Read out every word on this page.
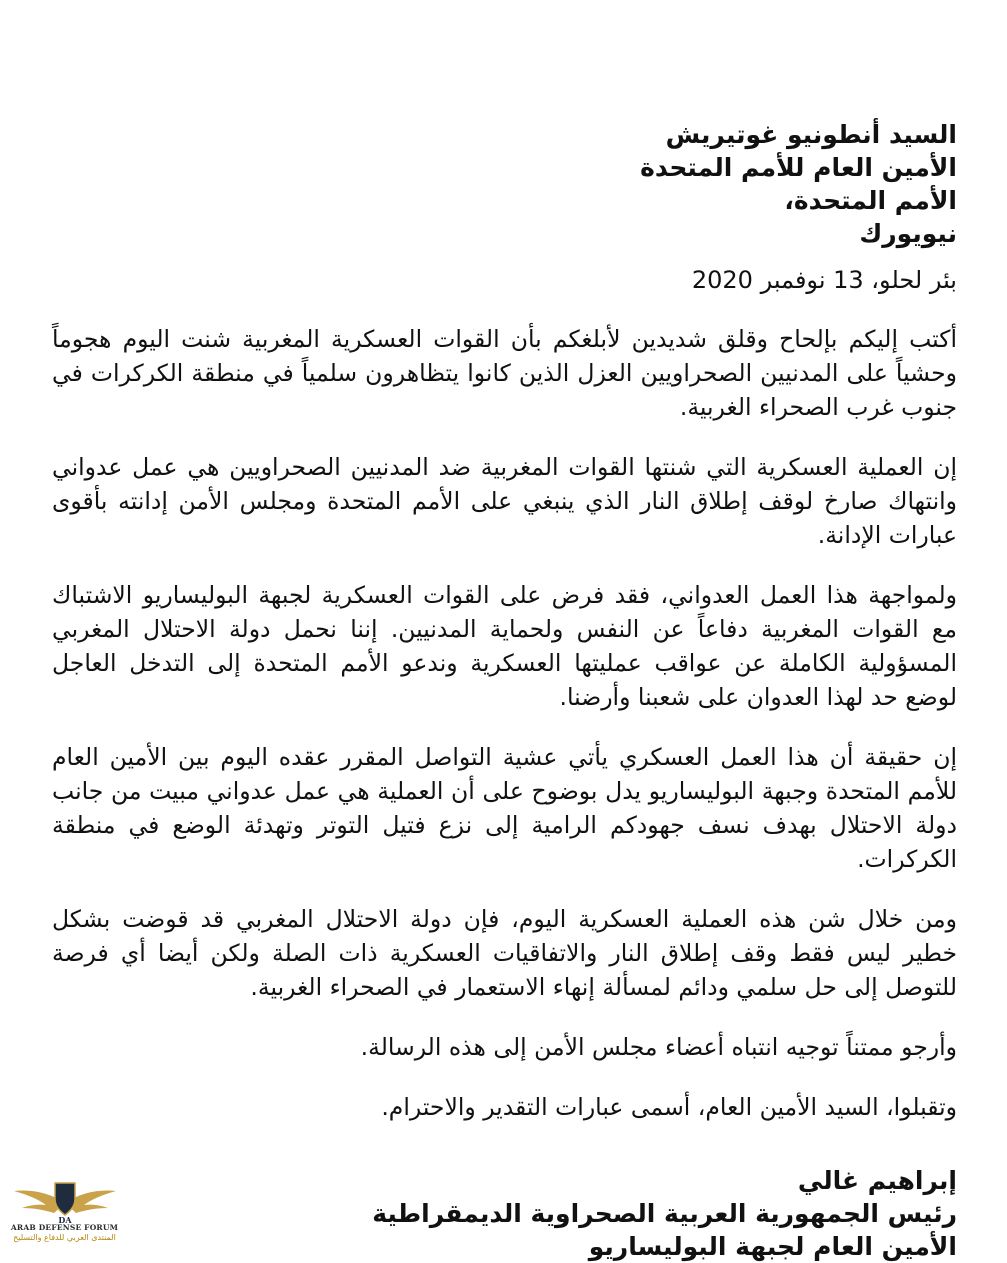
السيد أنطونيو غوتيريش

الأمين العام للأمم المتحدة

الأمم المتحدة،

نيويورك

بئر لحلو، 13 نوفمبر 2020

أكتب إليكم بإلحاح وقلق شديدين لأبلغكم بأن القوات العسكرية المغربية شنت اليوم هجوماً وحشياً على المدنيين الصحراويين العزل الذين كانوا يتظاهرون سلمياً في منطقة الكركرات في جنوب غرب الصحراء الغربية.

إن العملية العسكرية التي شنتها القوات المغربية ضد المدنيين الصحراويين هي عمل عدواني وانتهاك صارخ لوقف إطلاق النار الذي ينبغي على الأمم المتحدة ومجلس الأمن إدانته بأقوى عبارات الإدانة.

ولمواجهة هذا العمل العدواني، فقد فرض على القوات العسكرية لجبهة البوليساريو الاشتباك مع القوات المغربية دفاعاً عن النفس ولحماية المدنيين. إننا نحمل دولة الاحتلال المغربي المسؤولية الكاملة عن عواقب عمليتها العسكرية وندعو الأمم المتحدة إلى التدخل العاجل لوضع حد لهذا العدوان على شعبنا وأرضنا.

إن حقيقة أن هذا العمل العسكري يأتي عشية التواصل المقرر عقده اليوم بين الأمين العام للأمم المتحدة وجبهة البوليساريو يدل بوضوح على أن العملية هي عمل عدواني مبيت من جانب دولة الاحتلال بهدف نسف جهودكم الرامية إلى نزع فتيل التوتر وتهدئة الوضع في منطقة الكركرات.

ومن خلال شن هذه العملية العسكرية اليوم، فإن دولة الاحتلال المغربي قد قوضت بشكل خطير ليس فقط وقف إطلاق النار والاتفاقيات العسكرية ذات الصلة ولكن أيضا أي فرصة للتوصل إلى حل سلمي ودائم لمسألة إنهاء الاستعمار في الصحراء الغربية.

وأرجو ممتناً توجيه انتباه أعضاء مجلس الأمن إلى هذه الرسالة.

وتقبلوا، السيد الأمين العام، أسمى عبارات التقدير والاحترام.

إبراهيم غالي
رئيس الجمهورية العربية الصحراوية الديمقراطية
الأمين العام لجبهة البوليساريو
DA
ARAB DEFENSE FORUM
المنتدى العربي للدفاع والتسليح
